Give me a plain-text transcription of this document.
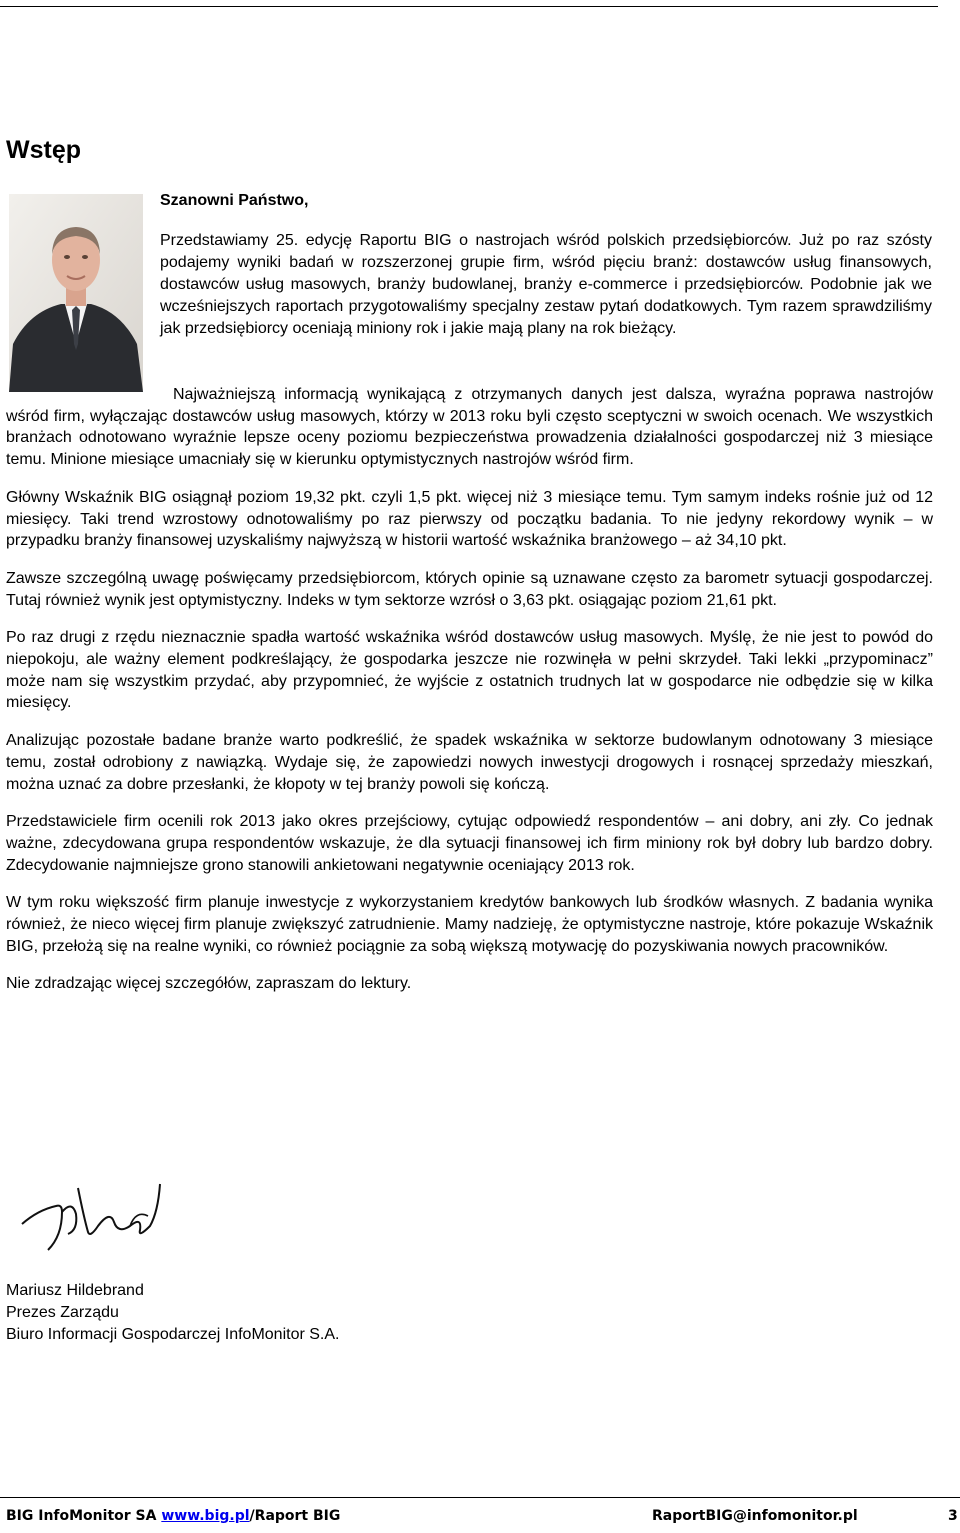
Wstęp

Szanowni Państwo,

Przedstawiamy 25. edycję Raportu BIG o nastrojach wśród polskich przedsiębiorców. Już po raz szósty podajemy wyniki badań w rozszerzonej grupie firm, wśród pięciu branż: dostawców usług finansowych, dostawców usług masowych, branży budowlanej, branży e-commerce i przedsiębiorców. Podobnie jak we wcześniejszych raportach przygotowaliśmy specjalny zestaw pytań dodatkowych. Tym razem sprawdziliśmy jak przedsiębiorcy oceniają miniony rok i jakie mają plany na rok bieżący.

Najważniejszą informacją wynikającą z otrzymanych danych jest dalsza, wyraźna poprawa nastrojów wśród firm, wyłączając dostawców usług masowych, którzy w 2013 roku byli często sceptyczni w swoich ocenach. We wszystkich branżach odnotowano wyraźnie lepsze oceny poziomu bezpieczeństwa prowadzenia działalności gospodarczej niż 3 miesiące temu. Minione miesiące umacniały się w kierunku optymistycznych nastrojów wśród firm.

Główny Wskaźnik BIG osiągnął poziom 19,32 pkt. czyli 1,5 pkt. więcej niż 3 miesiące temu. Tym samym indeks rośnie już od 12 miesięcy. Taki trend wzrostowy odnotowaliśmy po raz pierwszy od początku badania. To nie jedyny rekordowy wynik – w przypadku branży finansowej uzyskaliśmy najwyższą w historii wartość wskaźnika branżowego – aż 34,10 pkt.

Zawsze szczególną uwagę poświęcamy przedsiębiorcom, których opinie są uznawane często za barometr sytuacji gospodarczej. Tutaj również wynik jest optymistyczny. Indeks w tym sektorze wzrósł o 3,63 pkt. osiągając poziom 21,61 pkt.

Po raz drugi z rzędu nieznacznie spadła wartość wskaźnika wśród dostawców usług masowych. Myślę, że nie jest to powód do niepokoju, ale ważny element podkreślający, że gospodarka jeszcze nie rozwinęła w pełni skrzydeł. Taki lekki „przypominacz” może nam się wszystkim przydać, aby przypomnieć, że wyjście z ostatnich trudnych lat w gospodarce nie odbędzie się w kilka miesięcy.

Analizując pozostałe badane branże warto podkreślić, że spadek wskaźnika w sektorze budowlanym odnotowany 3 miesiące temu, został odrobiony z nawiązką. Wydaje się, że zapowiedzi nowych inwestycji drogowych i rosnącej sprzedaży mieszkań, można uznać za dobre przesłanki, że kłopoty w tej branży powoli się kończą.

Przedstawiciele firm ocenili rok 2013 jako okres przejściowy, cytując odpowiedź respondentów – ani dobry, ani zły. Co jednak ważne, zdecydowana grupa respondentów wskazuje, że dla sytuacji finansowej ich firm miniony rok był dobry lub bardzo dobry. Zdecydowanie najmniejsze grono stanowili ankietowani negatywnie oceniający 2013 rok.

W tym roku większość firm planuje inwestycje z wykorzystaniem kredytów bankowych lub środków własnych. Z badania wynika również, że nieco więcej firm planuje zwiększyć zatrudnienie. Mamy nadzieję, że optymistyczne nastroje, które pokazuje Wskaźnik BIG, przełożą się na realne wyniki, co również pociągnie za sobą większą motywację do pozyskiwania nowych pracowników.

Nie zdradzając więcej szczegółów, zapraszam do lektury.

Mariusz Hildebrand
Prezes Zarządu
Biuro Informacji Gospodarczej InfoMonitor S.A.
BIG InfoMonitor SA www.big.pl/Raport BIG	RaportBIG@infomonitor.pl	3
